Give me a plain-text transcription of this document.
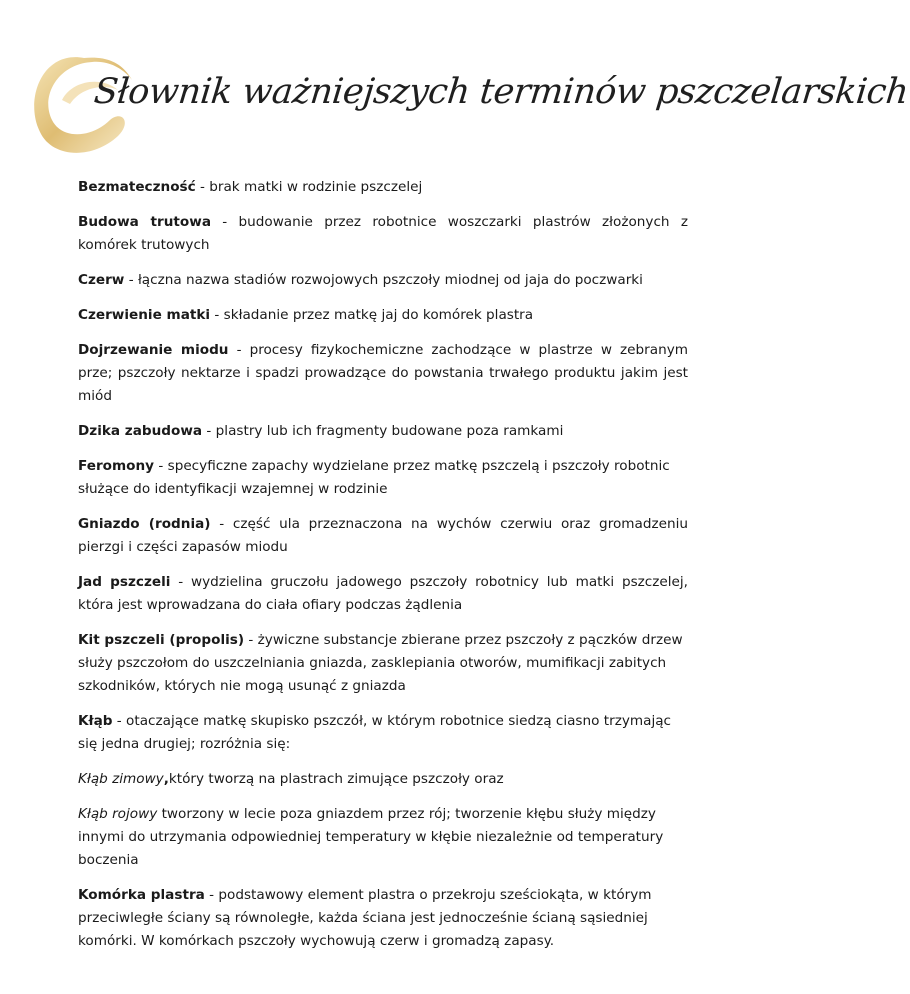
Słownik ważniejszych terminów pszczelarskich

Bezmateczność - brak matki w rodzinie pszczelej

Budowa trutowa - budowanie przez robotnice woszczarki plastrów złożonych z komórek trutowych

Czerw - łączna nazwa stadiów rozwojowych pszczoły miodnej od jaja do poczwarki

Czerwienie matki - składanie przez matkę jaj do komórek plastra

Dojrzewanie miodu - procesy fizykochemiczne zachodzące w plastrze w zebranym prze; pszczoły nektarze i spadzi prowadzące do powstania trwałego produktu jakim jest miód

Dzika zabudowa - plastry lub ich fragmenty budowane poza ramkami

Feromony - specyficzne zapachy wydzielane przez matkę pszczelą i pszczoły robotnic służące do identyfikacji wzajemnej w rodzinie

Gniazdo (rodnia) - część ula przeznaczona na wychów czerwiu oraz gromadzeniu pierzgi i części zapasów miodu

Jad pszczeli - wydzielina gruczołu jadowego pszczoły robotnicy lub matki pszczelej, która jest wprowadzana do ciała ofiary podczas żądlenia

Kit pszczeli (propolis) - żywiczne substancje zbierane przez pszczoły z pączków drzew służy pszczołom do uszczelniania gniazda, zasklepiania otworów, mumifikacji zabitych szkodników, których nie mogą usunąć z gniazda

Kłąb - otaczające matkę skupisko pszczół, w którym robotnice siedzą ciasno trzymając się jedna drugiej; rozróżnia się:

Kłąb zimowy,który tworzą na plastrach zimujące pszczoły oraz

Kłąb rojowy tworzony w lecie poza gniazdem przez rój; tworzenie kłębu służy między innymi do utrzymania odpowiedniej temperatury w kłębie niezależnie od temperatury boczenia

Komórka plastra - podstawowy element plastra o przekroju sześciokąta, w którym przeciwległe ściany są równoległe, każda ściana jest jednocześnie ścianą sąsiedniej komórki. W komórkach pszczoły wychowują czerw i gromadzą zapasy.
